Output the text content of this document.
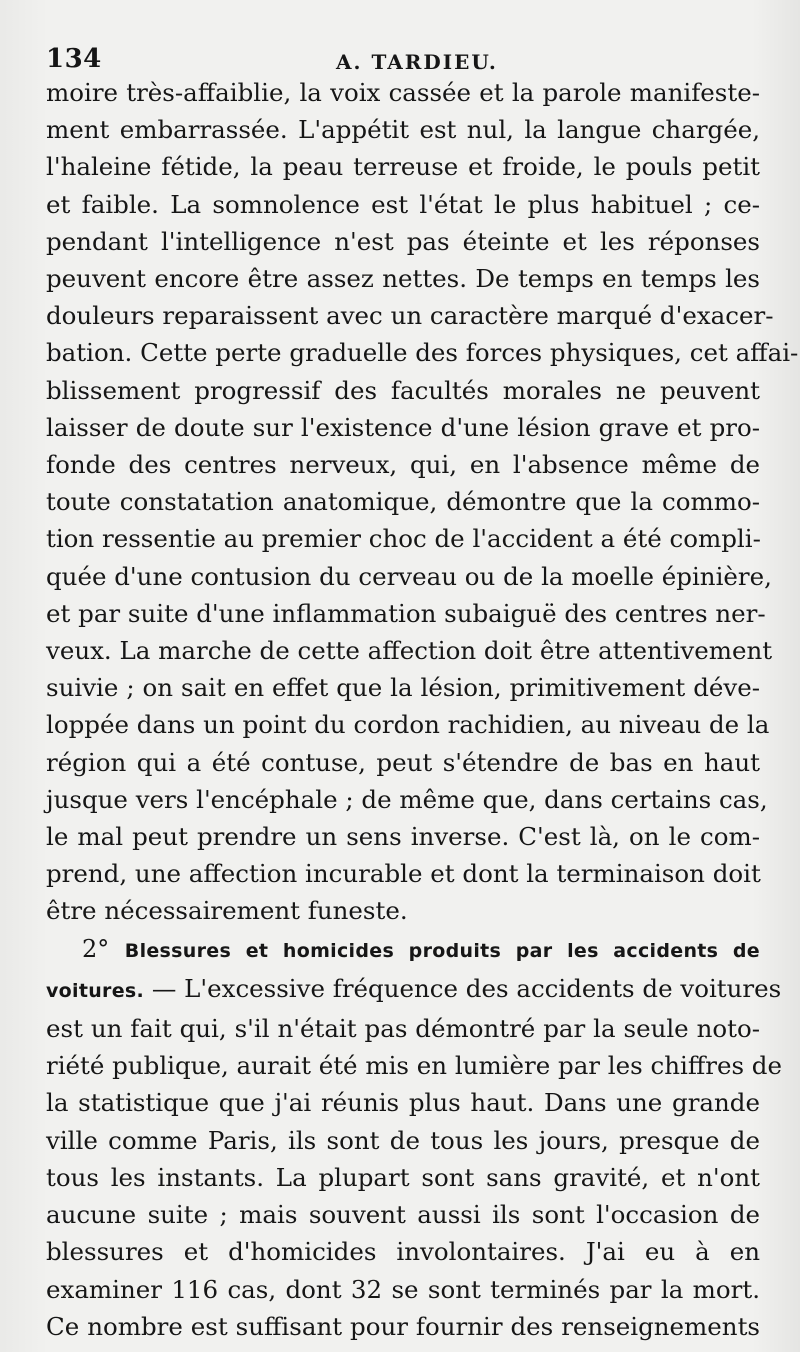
134	A. TARDIEU.
moire très-affaiblie, la voix cassée et la parole manifeste-
ment embarrassée. L'appétit est nul, la langue chargée,
l'haleine fétide, la peau terreuse et froide, le pouls petit
et faible. La somnolence est l'état le plus habituel ; ce-
pendant l'intelligence n'est pas éteinte et les réponses
peuvent encore être assez nettes. De temps en temps les
douleurs reparaissent avec un caractère marqué d'exacer-
bation. Cette perte graduelle des forces physiques, cet affai-
blissement progressif des facultés morales ne peuvent
laisser de doute sur l'existence d'une lésion grave et pro-
fonde des centres nerveux, qui, en l'absence même de
toute constatation anatomique, démontre que la commo-
tion ressentie au premier choc de l'accident a été compli-
quée d'une contusion du cerveau ou de la moelle épinière,
et par suite d'une inflammation subaiguë des centres ner-
veux. La marche de cette affection doit être attentivement
suivie ; on sait en effet que la lésion, primitivement déve-
loppée dans un point du cordon rachidien, au niveau de la
région qui a été contuse, peut s'étendre de bas en haut
jusque vers l'encéphale ; de même que, dans certains cas,
le mal peut prendre un sens inverse. C'est là, on le com-
prend, une affection incurable et dont la terminaison doit
être nécessairement funeste.
2° Blessures et homicides produits par les accidents de
voitures. — L'excessive fréquence des accidents de voitures
est un fait qui, s'il n'était pas démontré par la seule noto-
riété publique, aurait été mis en lumière par les chiffres de
la statistique que j'ai réunis plus haut. Dans une grande
ville comme Paris, ils sont de tous les jours, presque de
tous les instants. La plupart sont sans gravité, et n'ont
aucune suite ; mais souvent aussi ils sont l'occasion de
blessures et d'homicides involontaires. J'ai eu à en
examiner 116 cas, dont 32 se sont terminés par la mort.
Ce nombre est suffisant pour fournir des renseignements
